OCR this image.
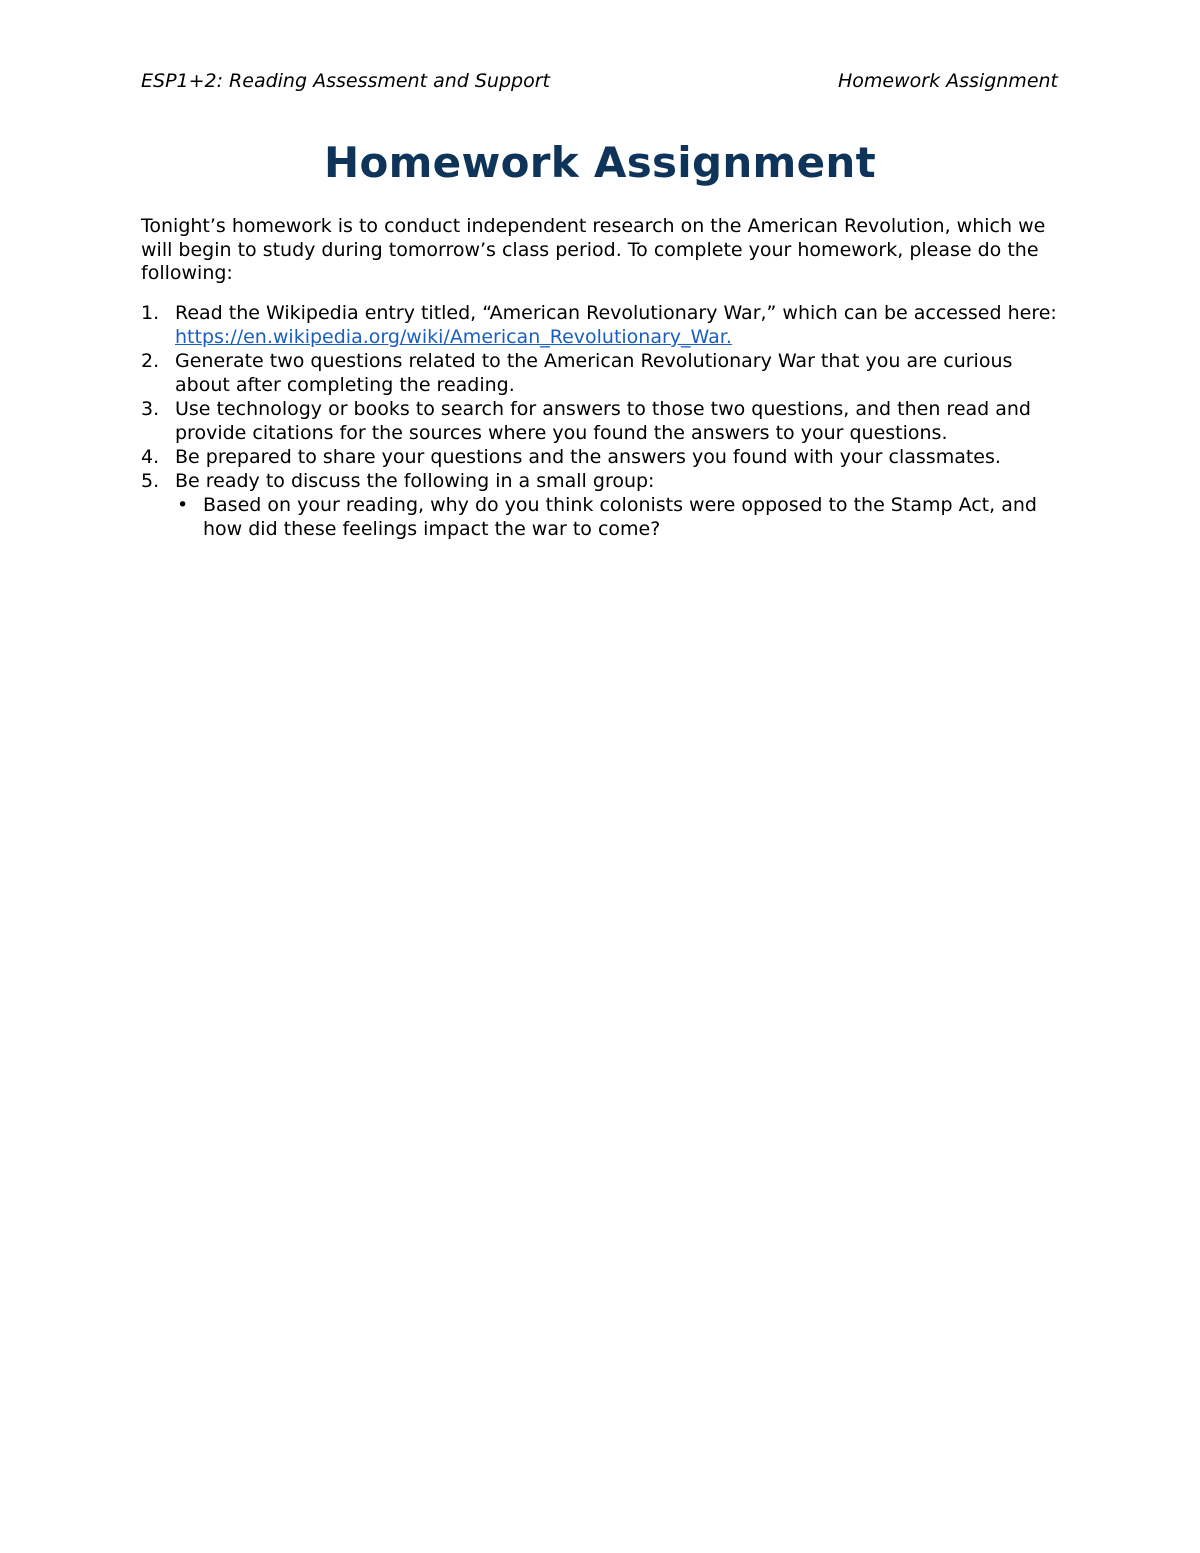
ESP1+2: Reading Assessment and Support	Homework Assignment
Homework Assignment
Tonight’s homework is to conduct independent research on the American Revolution, which we will begin to study during tomorrow’s class period. To complete your homework, please do the following:
1. Read the Wikipedia entry titled, “American Revolutionary War,” which can be accessed here: https://en.wikipedia.org/wiki/American_Revolutionary_War.
2. Generate two questions related to the American Revolutionary War that you are curious about after completing the reading.
3. Use technology or books to search for answers to those two questions, and then read and provide citations for the sources where you found the answers to your questions.
4. Be prepared to share your questions and the answers you found with your classmates.
5. Be ready to discuss the following in a small group:
• Based on your reading, why do you think colonists were opposed to the Stamp Act, and how did these feelings impact the war to come?
